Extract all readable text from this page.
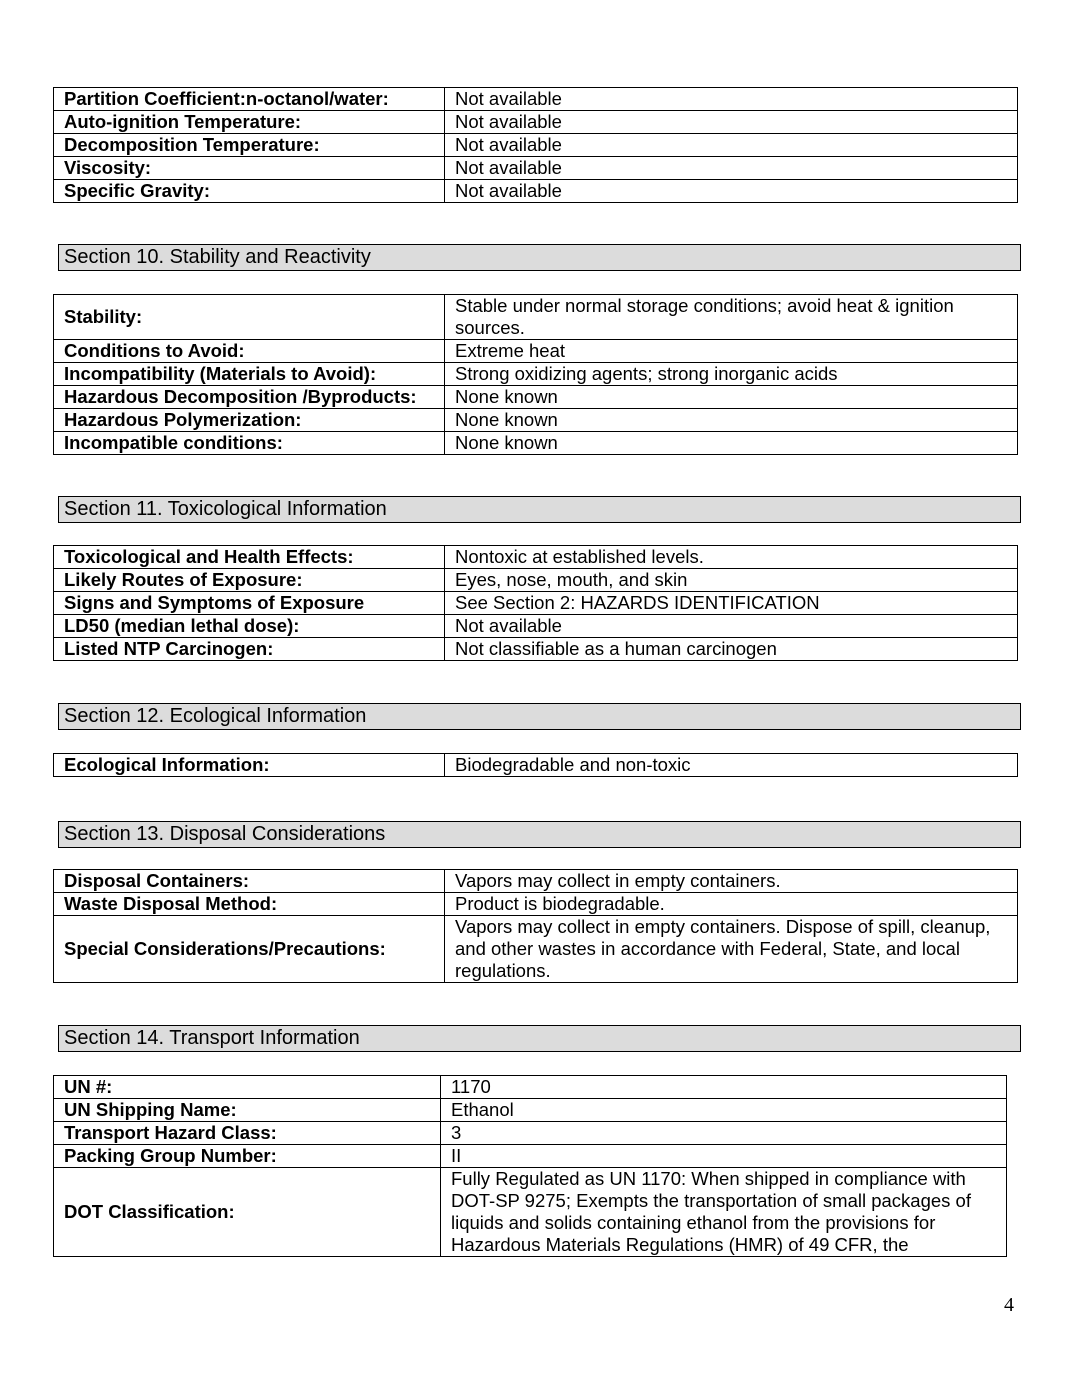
Partition Coefficient:n-octanol/water:	Not available
Auto-ignition Temperature:	Not available
Decomposition Temperature:	Not available
Viscosity:	Not available
Specific Gravity:	Not available
Section 10. Stability and Reactivity
Stability:	Stable under normal storage conditions; avoid heat & ignition sources.
Conditions to Avoid:	Extreme heat
Incompatibility (Materials to Avoid):	Strong oxidizing agents; strong inorganic acids
Hazardous Decomposition /Byproducts:	None known
Hazardous Polymerization:	None known
Incompatible conditions:	None known
Section 11. Toxicological Information
Toxicological and Health Effects:	Nontoxic at established levels.
Likely Routes of Exposure:	Eyes, nose, mouth, and skin
Signs and Symptoms of Exposure	See Section 2: HAZARDS IDENTIFICATION
LD50 (median lethal dose):	Not available
Listed NTP Carcinogen:	Not classifiable as a human carcinogen
Section 12. Ecological Information
Ecological Information:	Biodegradable and non-toxic
Section 13. Disposal Considerations
Disposal Containers:	Vapors may collect in empty containers.
Waste Disposal Method:	Product is biodegradable.
Special Considerations/Precautions:	Vapors may collect in empty containers. Dispose of spill, cleanup, and other wastes in accordance with Federal, State, and local regulations.
Section 14. Transport Information
UN #:	1170
UN Shipping Name:	Ethanol
Transport Hazard Class:	3
Packing Group Number:	II
DOT Classification:	Fully Regulated as UN 1170: When shipped in compliance with DOT-SP 9275; Exempts the transportation of small packages of liquids and solids containing ethanol from the provisions for Hazardous Materials Regulations (HMR) of 49 CFR, the
4
